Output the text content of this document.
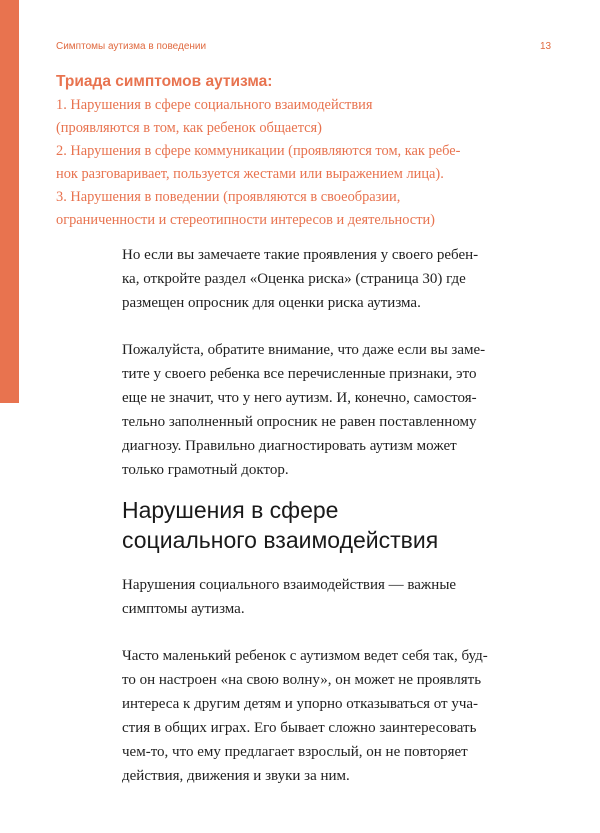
Симптомы аутизма в поведении	13
Триада симптомов аутизма:
1. Нарушения в сфере социального взаимодействия
(проявляются в том, как ребенок общается)
2. Нарушения в сфере коммуникации (проявляются том, как ребе-
нок разговаривает, пользуется жестами или выражением лица).
3. Нарушения в поведении (проявляются в своеобразии,
ограниченности и стереотипности интересов и деятельности)
Но если вы замечаете такие проявления у своего ребен-
ка, откройте раздел «Оценка риска» (страница 30) где
размещен опросник для оценки риска аутизма.
Пожалуйста, обратите внимание, что даже если вы заме-
тите у своего ребенка все перечисленные признаки, это
еще не значит, что у него аутизм. И, конечно, самостоя-
тельно заполненный опросник не равен поставленному
диагнозу. Правильно диагностировать аутизм может
только грамотный доктор.
Нарушения в сфере
социального взаимодействия
Нарушения социального взаимодействия — важные
симптомы аутизма.
Часто маленький ребенок с аутизмом ведет себя так, буд-
то он настроен «на свою волну», он может не проявлять
интереса к другим детям и упорно отказываться от уча-
стия в общих играх. Его бывает сложно заинтересовать
чем-то, что ему предлагает взрослый, он не повторяет
действия, движения и звуки за ним.
